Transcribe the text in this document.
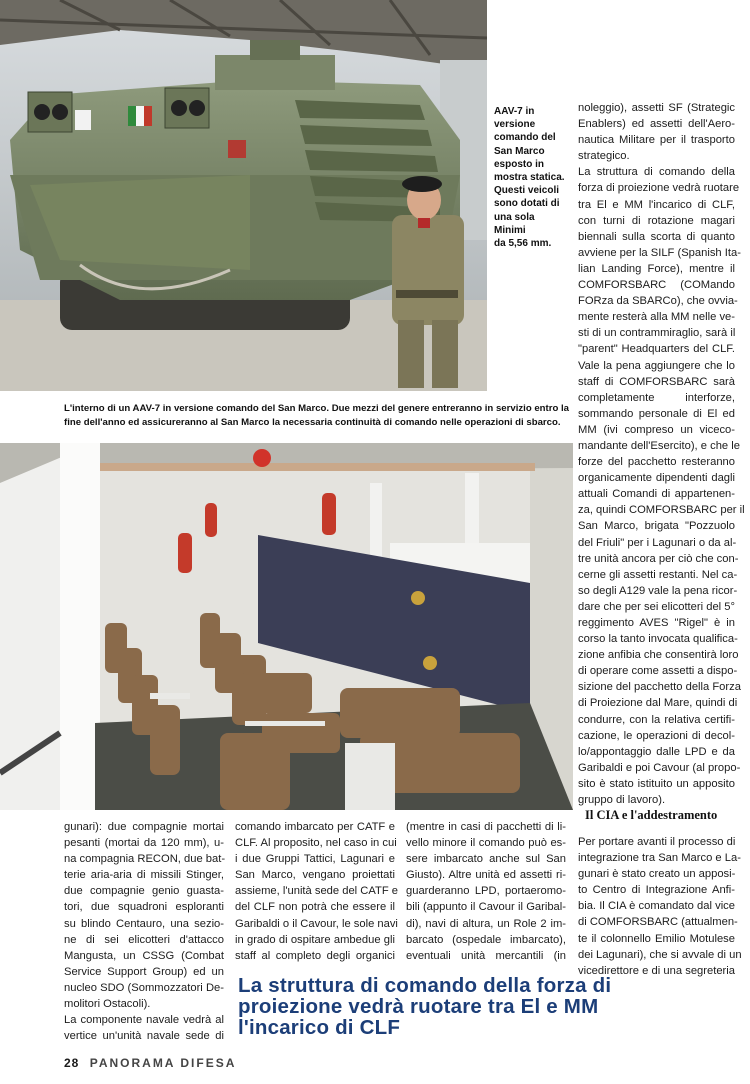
AAV-7 in
versione
comando del
San Marco
esposto in
mostra statica.
Questi veicoli
sono dotati di
una sola
Minimi
da 5,56 mm.
L'interno di un AAV-7 in versione comando del San Marco. Due mezzi del genere entreranno in servizio entro la
fine dell'anno ed assicureranno al San Marco la necessaria continuità di comando nelle operazioni di sbarco.
noleggio), assetti SF (Strategic
Enablers) ed assetti dell'Aero-
nautica Militare per il trasporto
strategico.
La struttura di comando della
forza di proiezione vedrà ruotare
tra El e MM l'incarico di CLF,
con turni di rotazione magari
biennali sulla scorta di quanto
avviene per la SILF (Spanish Ita-
lian Landing Force), mentre il
COMFORSBARC (COMando
FORza da SBARCo), che ovvia-
mente resterà alla MM nelle ve-
sti di un contrammiraglio, sarà il
"parent" Headquarters del CLF.
Vale la pena aggiungere che lo
staff di COMFORSBARC sarà
completamente interforze,
sommando personale di El ed
MM (ivi compreso un viceco-
mandante dell'Esercito), e che le
forze del pacchetto resteranno
organicamente dipendenti dagli
attuali Comandi di appartenen-
za, quindi COMFORSBARC per il
San Marco, brigata "Pozzuolo
del Friuli" per i Lagunari o da al-
tre unità ancora per ciò che con-
cerne gli assetti restanti. Nel ca-
so degli A129 vale la pena ricor-
dare che per sei elicotteri del 5°
reggimento AVES "Rigel" è in
corso la tanto invocata qualifica-
zione anfibia che consentirà loro
di operare come assetti a dispo-
sizione del pacchetto della Forza
di Proiezione dal Mare, quindi di
condurre, con la relativa certifi-
cazione, le operazioni di decol-
lo/appontaggio dalle LPD e da
Garibaldi e poi Cavour (al propo-
sito è stato istituito un apposito
gruppo di lavoro).
Il CIA e l'addestramento
gunari): due compagnie mortai
pesanti (mortai da 120 mm), u-
na compagnia RECON, due bat-
terie aria-aria di missili Stinger,
due compagnie genio guasta-
tori, due squadroni esploranti
su blindo Centauro, una sezio-
ne di sei elicotteri d'attacco
Mangusta, un CSSG (Combat
Service Support Group) ed un
nucleo SDO (Sommozzatori De-
molitori Ostacoli).
La componente navale vedrà al
vertice un'unità navale sede di
comando imbarcato per CATF e
CLF. Al proposito, nel caso in cui
i due Gruppi Tattici, Lagunari e
San Marco, vengano proiettati
assieme, l'unità sede del CATF e
del CLF non potrà che essere il
Garibaldi o il Cavour, le sole navi
in grado di ospitare ambedue gli
staff al completo degli organici
(mentre in casi di pacchetti di li-
vello minore il comando può es-
sere imbarcato anche sul San
Giusto). Altre unità ed assetti ri-
guarderanno LPD, portaeromo-
bili (appunto il Cavour il Garibal-
di), navi di altura, un Role 2 im-
barcato (ospedale imbarcato),
eventuali unità mercantili (in
Per portare avanti il processo di
integrazione tra San Marco e La-
gunari è stato creato un apposi-
to Centro di Integrazione Anfi-
bia. Il CIA è comandato dal vice
di COMFORSBARC (attualmen-
te il colonnello Emilio Motulese
dei Lagunari), che si avvale di un
vicedirettore e di una segreteria
La struttura di comando della forza di
proiezione vedrà ruotare tra El e MM
l'incarico di CLF
28 PANORAMA DIFESA
